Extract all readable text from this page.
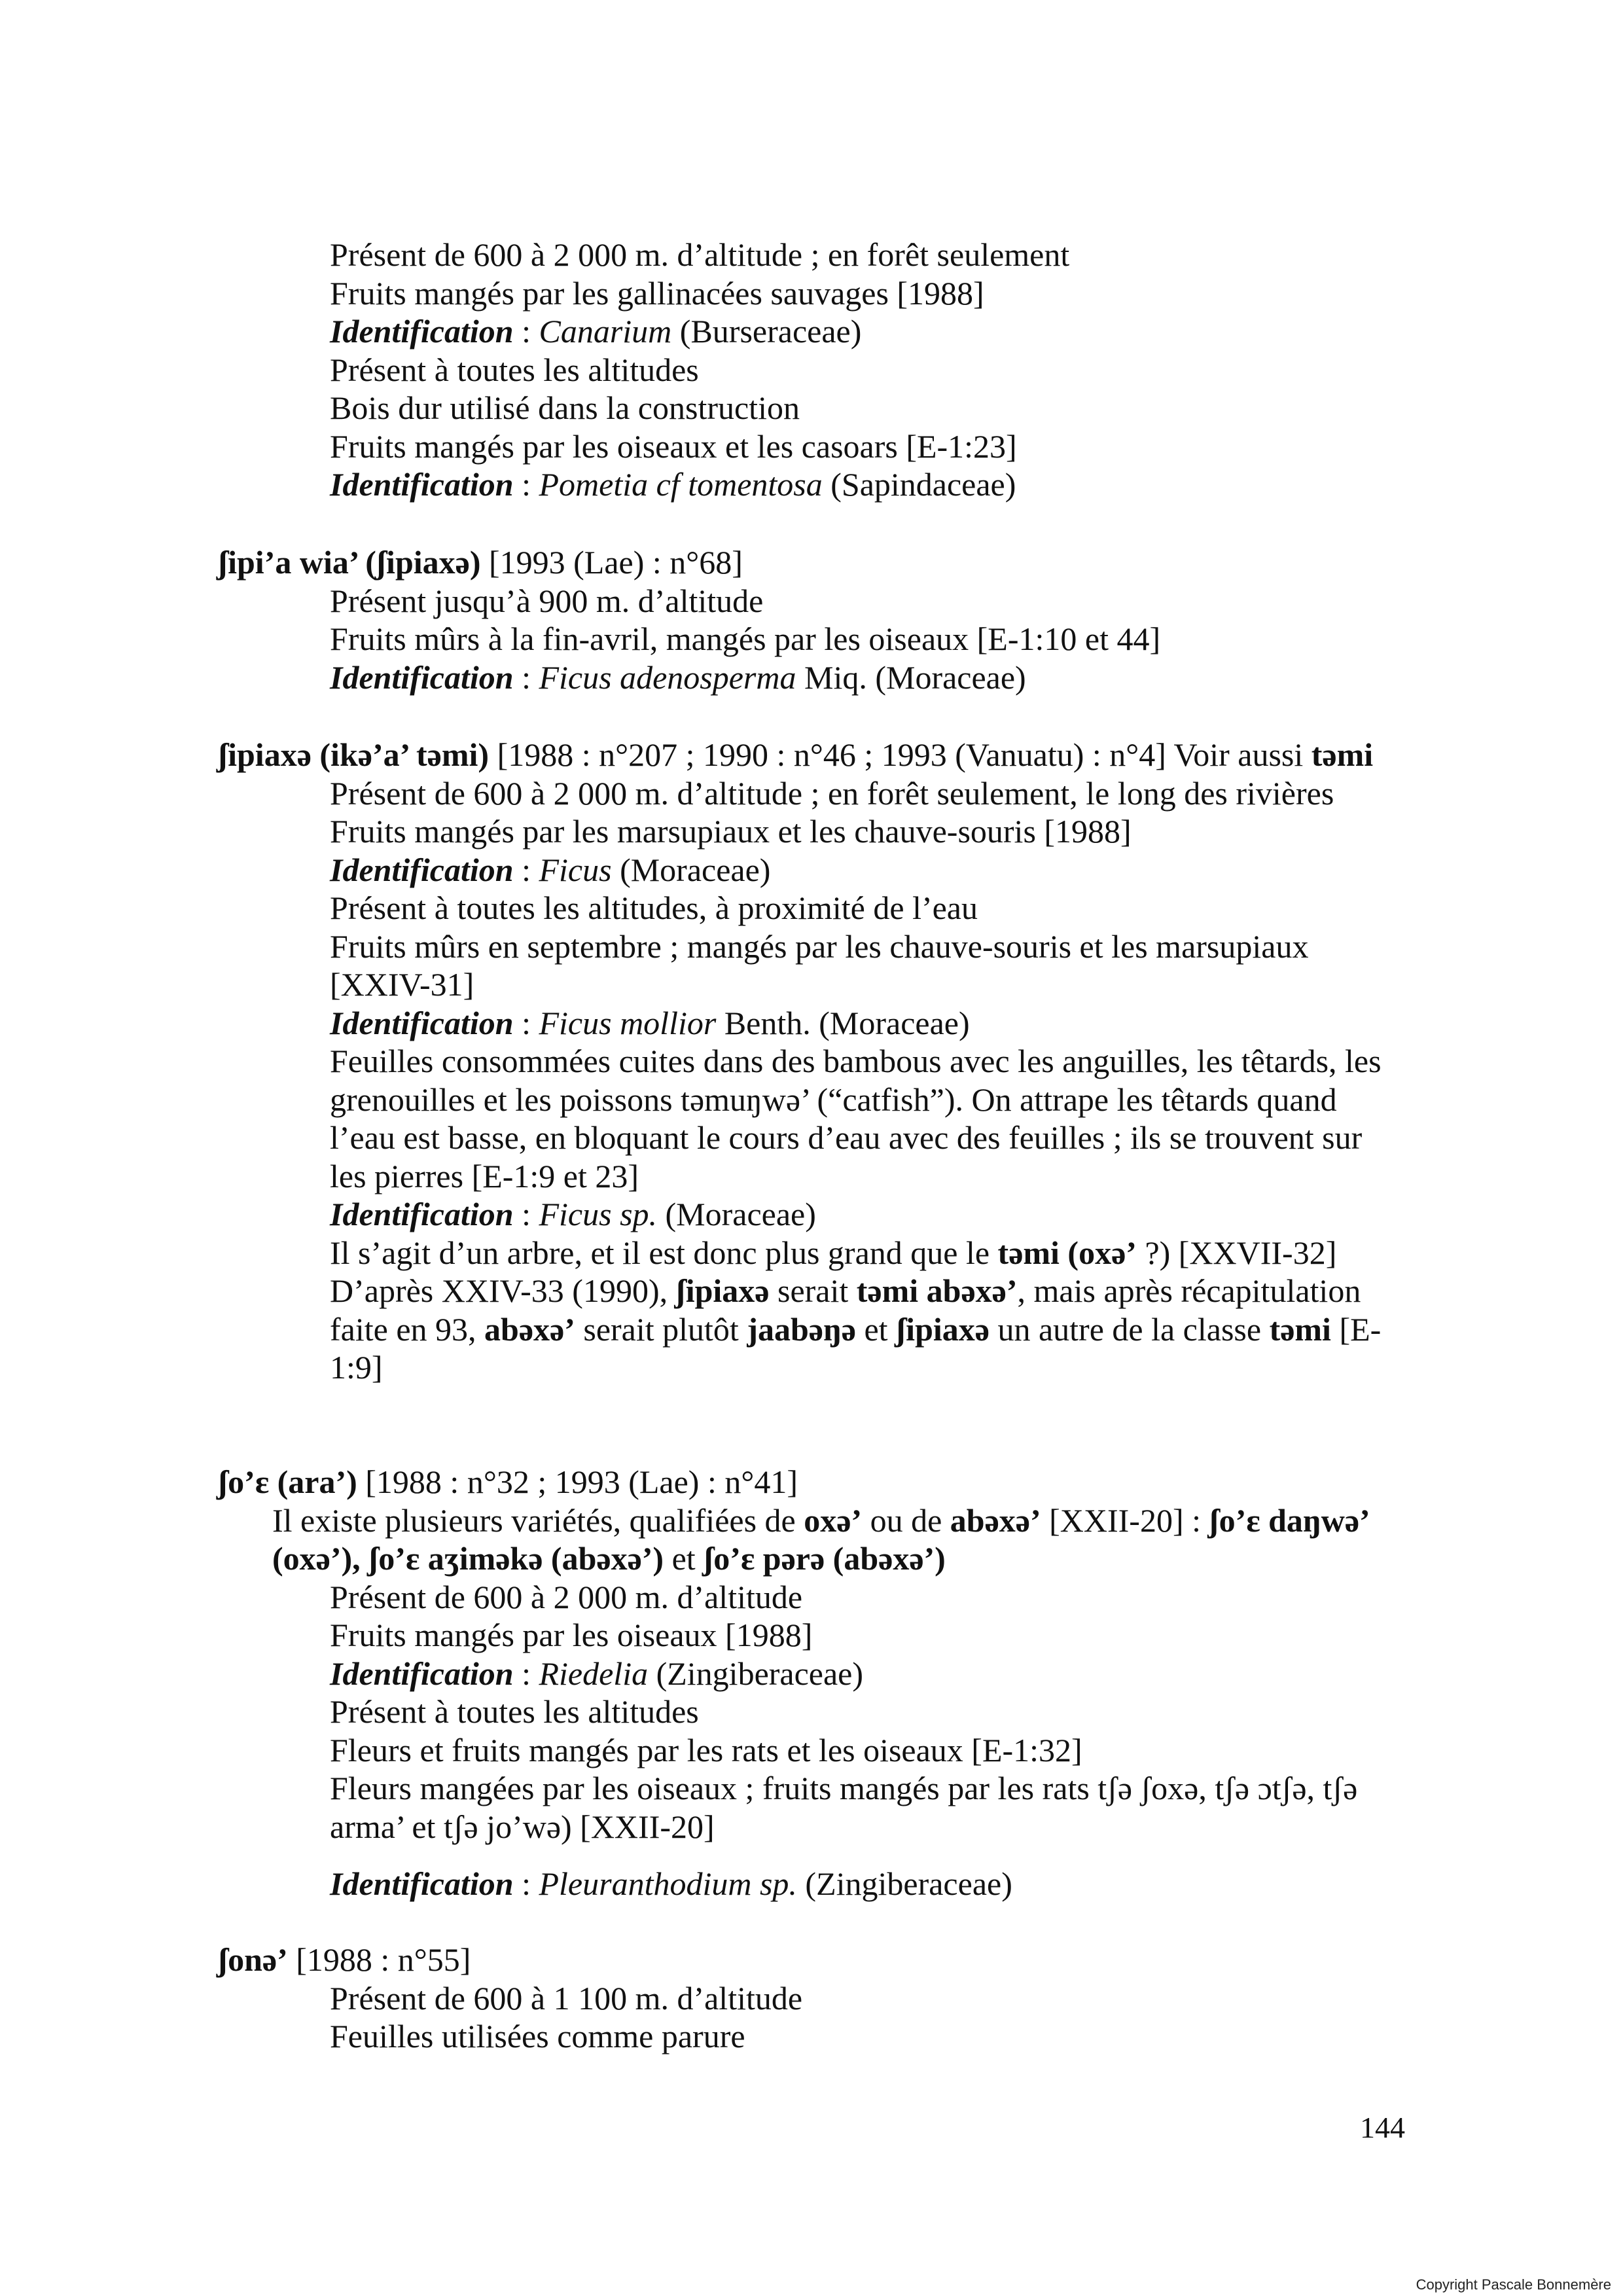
Présent de 600 à 2 000 m. d’altitude ; en forêt seulement

Fruits mangés par les gallinacées sauvages [1988]

Identification : Canarium (Burseraceae)

Présent à toutes les altitudes

Bois dur utilisé dans la construction

Fruits mangés par les oiseaux et les casoars [E-1:23]

Identification : Pometia cf tomentosa (Sapindaceae)

ʃipi’a wia’ (ʃipiaxə) [1993 (Lae) : n°68]

Présent jusqu’à 900 m. d’altitude

Fruits mûrs à la fin-avril, mangés par les oiseaux [E-1:10 et 44]

Identification : Ficus adenosperma Miq. (Moraceae)

ʃipiaxə (ikə’a’ təmi) [1988 : n°207 ; 1990 : n°46 ; 1993 (Vanuatu) : n°4] Voir aussi təmi

Présent de 600 à 2 000 m. d’altitude ; en forêt seulement, le long des rivières

Fruits mangés par les marsupiaux et les chauve-souris [1988]

Identification : Ficus (Moraceae)

Présent à toutes les altitudes, à proximité de l’eau

Fruits mûrs en septembre ; mangés par les chauve-souris et les marsupiaux [XXIV-31]

Identification : Ficus mollior Benth. (Moraceae)

Feuilles consommées cuites dans des bambous avec les anguilles, les têtards, les grenouilles et les poissons təmuŋwə’ (“catfish”). On attrape les têtards quand l’eau est basse, en bloquant le cours d’eau avec des feuilles ; ils se trouvent sur les pierres [E-1:9 et 23]

Identification : Ficus sp. (Moraceae)

Il s’agit d’un arbre, et il est donc plus grand que le təmi (oxə’ ?) [XXVII-32]

D’après XXIV-33 (1990), ʃipiaxə serait təmi abəxə’, mais après récapitulation faite en 93, abəxə’ serait plutôt jaabəŋə et ʃipiaxə un autre de la classe təmi [E-1:9]

ʃo’ɛ (ara’) [1988 : n°32 ; 1993 (Lae) : n°41]

Il existe plusieurs variétés, qualifiées de oxə’ ou de abəxə’ [XXII-20] : ʃo’ɛ daŋwə’ (oxə’), ʃo’ɛ aʒiməkə (abəxə’) et ʃo’ɛ pərə (abəxə’)

Présent de 600 à 2 000 m. d’altitude

Fruits mangés par les oiseaux [1988]

Identification : Riedelia (Zingiberaceae)

Présent à toutes les altitudes

Fleurs et fruits mangés par les rats et les oiseaux [E-1:32]

Fleurs mangées par les oiseaux ; fruits mangés par les rats tʃə ʃoxə, tʃə ɔtʃə, tʃə arma’ et tʃə jo’wə) [XXII-20]

Identification : Pleuranthodium sp. (Zingiberaceae)

ʃonə’ [1988 : n°55]

Présent de 600 à 1 100 m. d’altitude

Feuilles utilisées comme parure

144
Copyright Pascale Bonnemère
